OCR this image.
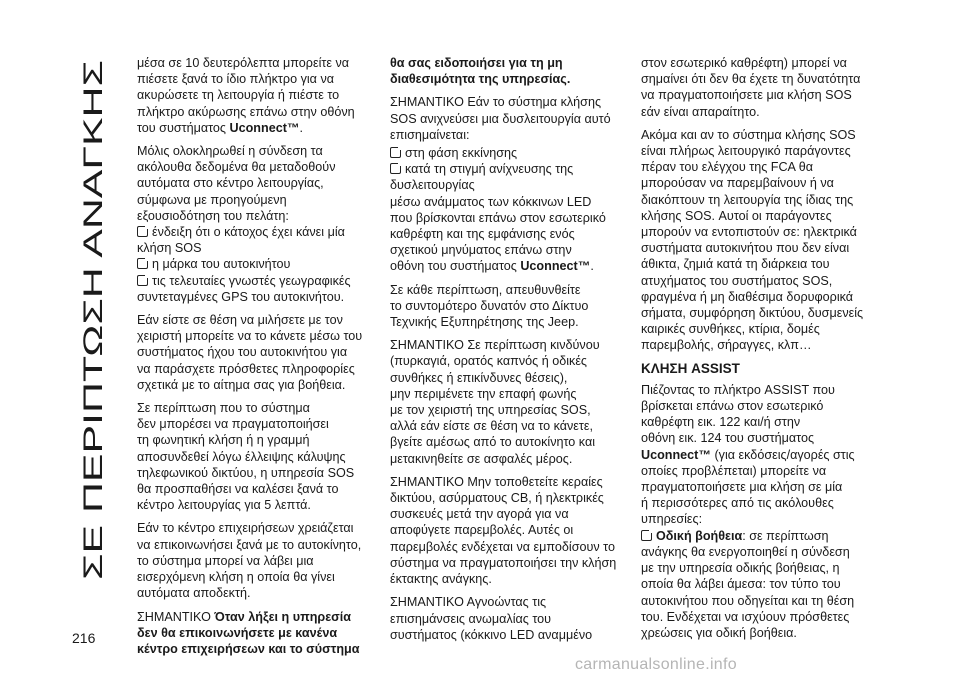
ΣΕ ΠΕΡΙΠΤΩΣΗ ΑΝΑΓΚΗΣ

μέσα σε 10 δευτερόλεπτα μπορείτε να
πιέσετε ξανά το ίδιο πλήκτρο για να
ακυρώσετε τη λειτουργία ή πιέστε το
πλήκτρο ακύρωσης επάνω στην οθόνη
του συστήματος Uconnect™.

Μόλις ολοκληρωθεί η σύνδεση τα
ακόλουθα δεδομένα θα μεταδοθούν
αυτόματα στο κέντρο λειτουργίας,
σύμφωνα με προηγούμενη
εξουσιοδότηση του πελάτη:

ένδειξη ότι ο κάτοχος έχει κάνει μία
κλήση SOS
η μάρκα του αυτοκινήτου

τις τελευταίες γνωστές γεωγραφικές
συντεταγμένες GPS του αυτοκινήτου.

Εάν είστε σε θέση να μιλήσετε με τον
χειριστή μπορείτε να το κάνετε μέσω του
συστήματος ήχου του αυτοκινήτου για
να παράσχετε πρόσθετες πληροφορίες
σχετικά με το αίτημα σας για βοήθεια.

Σε περίπτωση που το σύστημα
δεν μπορέσει να πραγματοποιήσει
τη φωνητική κλήση ή η γραμμή
αποσυνδεθεί λόγω έλλειψης κάλυψης
τηλεφωνικού δικτύου, η υπηρεσία SOS
θα προσπαθήσει να καλέσει ξανά το
κέντρο λειτουργίας για 5 λεπτά.

Εάν το κέντρο επιχειρήσεων χρειάζεται
να επικοινωνήσει ξανά με το αυτοκίνητο,
το σύστημα μπορεί να λάβει μια
εισερχόμενη κλήση η οποία θα γίνει
αυτόματα αποδεκτή.

ΣΗΜΑΝΤΙΚΟ Όταν λήξει η υπηρεσία
δεν θα επικοινωνήσετε με κανένα
κέντρο επιχειρήσεων και το σύστημα

θα σας ειδοποιήσει για τη μη
διαθεσιμότητα της υπηρεσίας.

ΣΗΜΑΝΤΙΚΟ Εάν το σύστημα κλήσης
SOS ανιχνεύσει μια δυσλειτουργία αυτό
επισημαίνεται:

στη φάση εκκίνησης
κατά τη στιγμή ανίχνευσης της
δυσλειτουργίας

μέσω ανάμματος των κόκκινων LED
που βρίσκονται επάνω στον εσωτερικό
καθρέφτη και της εμφάνισης ενός
σχετικού μηνύματος επάνω στην
οθόνη του συστήματος Uconnect™.

Σε κάθε περίπτωση, απευθυνθείτε
το συντομότερο δυνατόν στο Δίκτυο
Τεχνικής Εξυπηρέτησης της Jeep.

ΣΗΜΑΝΤΙΚΟ Σε περίπτωση κινδύνου
(πυρκαγιά, ορατός καπνός ή οδικές
συνθήκες ή επικίνδυνες θέσεις),
μην περιμένετε την επαφή φωνής
με τον χειριστή της υπηρεσίας SOS,
αλλά εάν είστε σε θέση να το κάνετε,
βγείτε αμέσως από το αυτοκίνητο και
μετακινηθείτε σε ασφαλές μέρος.

ΣΗΜΑΝΤΙΚΟ Μην τοποθετείτε κεραίες
δικτύου, ασύρματους CB, ή ηλεκτρικές
συσκευές μετά την αγορά για να
αποφύγετε παρεμβολές. Αυτές οι
παρεμβολές ενδέχεται να εμποδίσουν το
σύστημα να πραγματοποιήσει την κλήση
έκτακτης ανάγκης.

ΣΗΜΑΝΤΙΚΟ Αγνοώντας τις
επισημάνσεις ανωμαλίας του
συστήματος (κόκκινο LED αναμμένο

στον εσωτερικό καθρέφτη) μπορεί να
σημαίνει ότι δεν θα έχετε τη δυνατότητα
να πραγματοποιήσετε μια κλήση SOS
εάν είναι απαραίτητο.

Ακόμα και αν το σύστημα κλήσης SOS
είναι πλήρως λειτουργικό παράγοντες
πέραν του ελέγχου της FCA θα
μπορούσαν να παρεμβαίνουν ή να
διακόπτουν τη λειτουργία της ίδιας της
κλήσης SOS. Αυτοί οι παράγοντες
μπορούν να εντοπιστούν σε: ηλεκτρικά
συστήματα αυτοκινήτου που δεν είναι
άθικτα, ζημιά κατά τη διάρκεια του
ατυχήματος του συστήματος SOS,
φραγμένα ή μη διαθέσιμα δορυφορικά
σήματα, συμφόρηση δικτύου, δυσμενείς
καιρικές συνθήκες, κτίρια, δομές
παρεμβολής, σήραγγες, κλπ…

ΚΛΗΣΗ ASSIST

Πιέζοντας το πλήκτρο ASSIST που
βρίσκεται επάνω στον εσωτερικό
καθρέφτη εικ. 122 και/ή στην
οθόνη εικ. 124 του συστήματος
Uconnect™ (για εκδόσεις/αγορές στις
οποίες προβλέπεται) μπορείτε να
πραγματοποιήσετε μια κλήση σε μία
ή περισσότερες από τις ακόλουθες
υπηρεσίες:

Οδική βοήθεια: σε περίπτωση
ανάγκης θα ενεργοποιηθεί η σύνδεση
με την υπηρεσία οδικής βοήθειας, η
οποία θα λάβει άμεσα: τον τύπο του
αυτοκινήτου που οδηγείται και τη θέση
του. Ενδέχεται να ισχύουν πρόσθετες
χρεώσεις για οδική βοήθεια.
216
carmanualsonline.info
